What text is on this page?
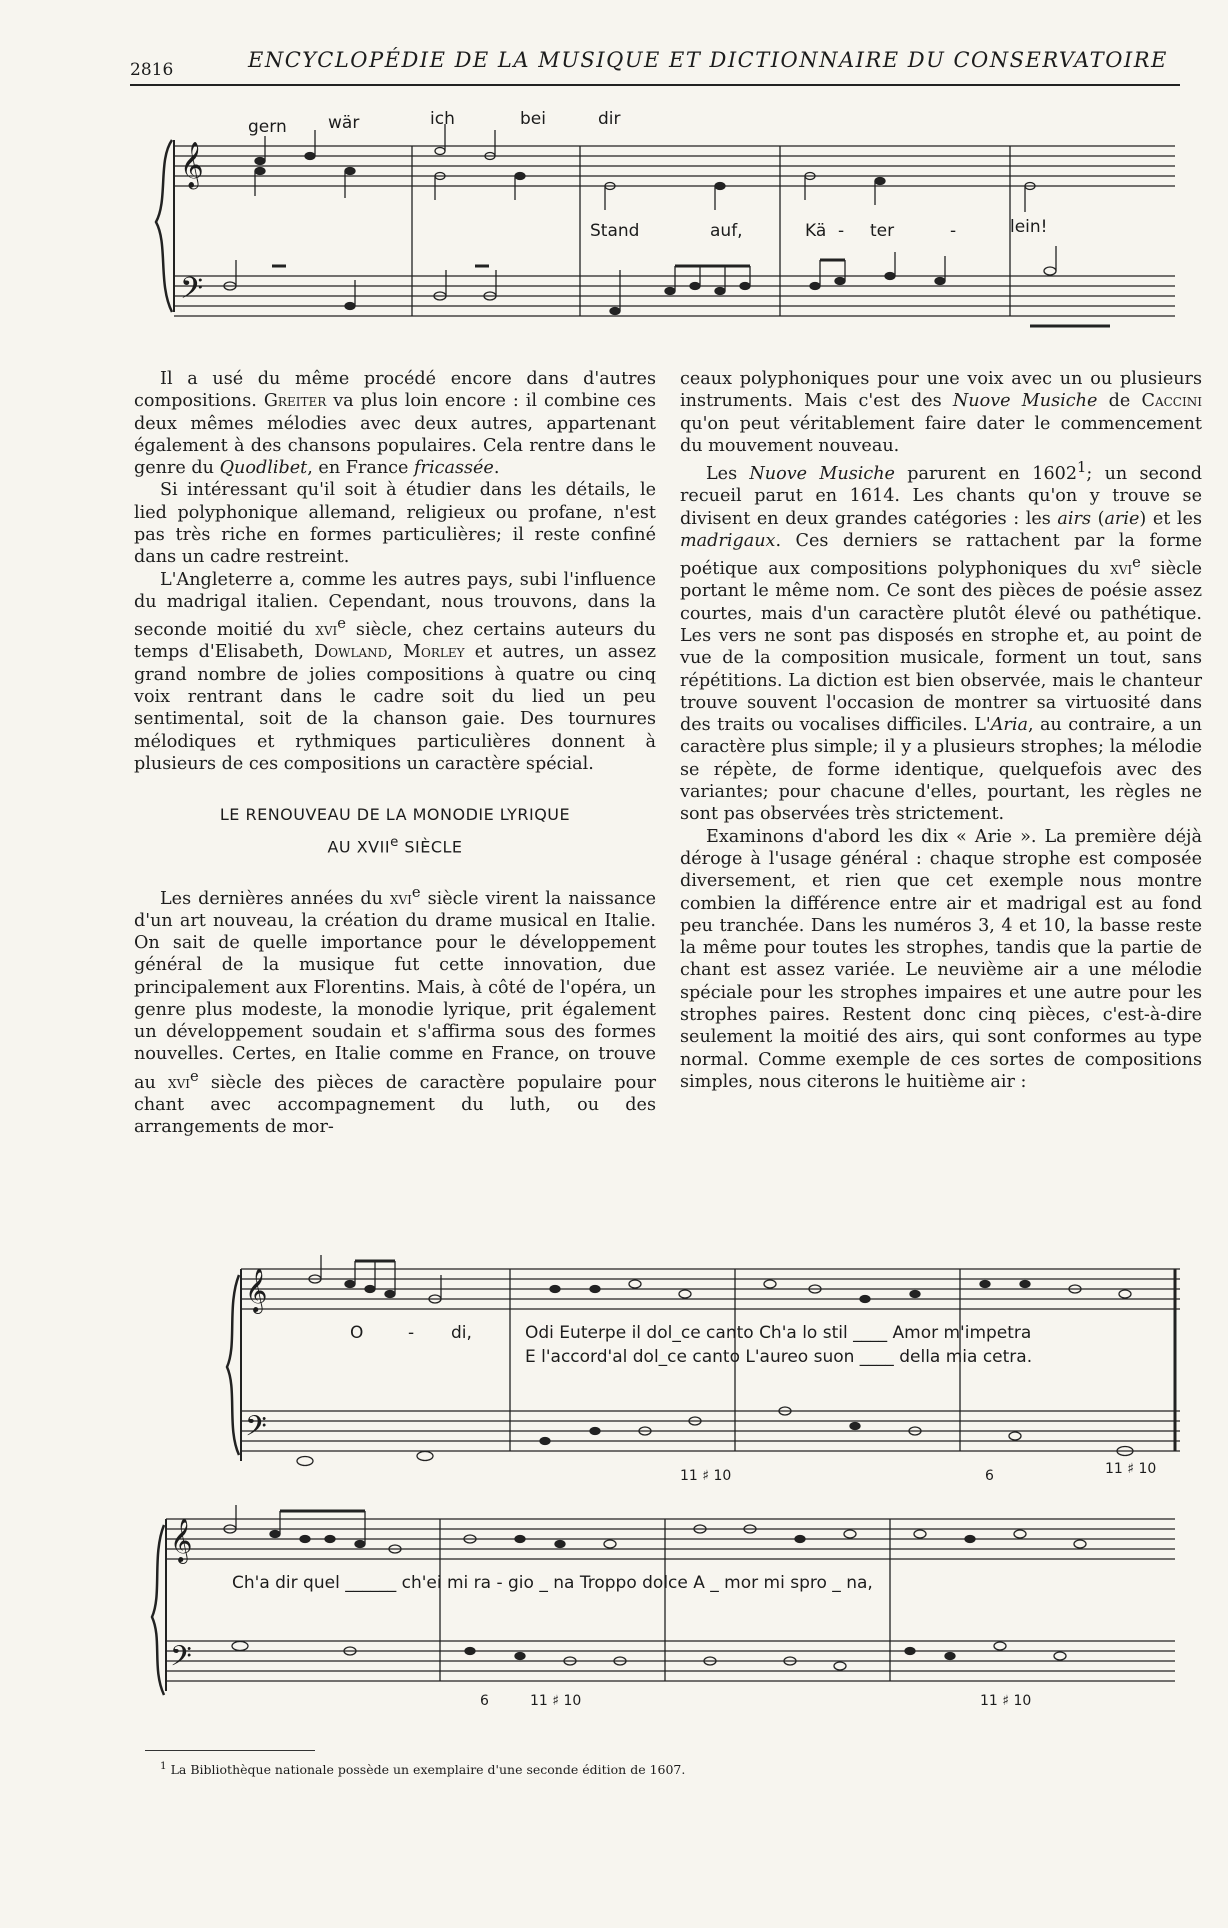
2816	ENCYCLOPÉDIE DE LA MUSIQUE ET DICTIONNAIRE DU CONSERVATOIRE
𝄞
𝄢
gern wär	ich	bei	dir
Stand	auf,	Kä - ter	-	lein!

Il a usé du même procédé encore dans d'autres compositions. Greiter va plus loin encore : il combine ces deux mêmes mélodies avec deux autres, appartenant également à des chansons populaires. Cela rentre dans le genre du Quodlibet, en France fricassée.

Si intéressant qu'il soit à étudier dans les détails, le lied polyphonique allemand, religieux ou profane, n'est pas très riche en formes particulières; il reste confiné dans un cadre restreint.

L'Angleterre a, comme les autres pays, subi l'influence du madrigal italien. Cependant, nous trouvons, dans la seconde moitié du xvi$^e$ siècle, chez certains auteurs du temps d'Elisabeth, Dowland, Morley et autres, un assez grand nombre de jolies compositions à quatre ou cinq voix rentrant dans le cadre soit du lied un peu sentimental, soit de la chanson gaie. Des tournures mélodiques et rythmiques particulières donnent à plusieurs de ces compositions un caractère spécial.

LE RENOUVEAU DE LA MONODIE LYRIQUE
AU XVIIe SIÈCLE

Les dernières années du xvi$^e$ siècle virent la naissance d'un art nouveau, la création du drame musical en Italie. On sait de quelle importance pour le développement général de la musique fut cette innovation, due principalement aux Florentins. Mais, à côté de l'opéra, un genre plus modeste, la monodie lyrique, prit également un développement soudain et s'affirma sous des formes nouvelles. Certes, en Italie comme en France, on trouve au xvi$^e$ siècle des pièces de caractère populaire pour chant avec accompagnement du luth, ou des arrangements de mor-

ceaux polyphoniques pour une voix avec un ou plusieurs instruments. Mais c'est des Nuove Musiche de Caccini qu'on peut véritablement faire dater le commencement du mouvement nouveau.

Les Nuove Musiche parurent en 1602$^1$; un second recueil parut en 1614. Les chants qu'on y trouve se divisent en deux grandes catégories : les airs (arie) et les madrigaux. Ces derniers se rattachent par la forme poétique aux compositions polyphoniques du xvi$^e$ siècle portant le même nom. Ce sont des pièces de poésie assez courtes, mais d'un caractère plutôt élevé ou pathétique. Les vers ne sont pas disposés en strophe et, au point de vue de la composition musicale, forment un tout, sans répétitions. La diction est bien observée, mais le chanteur trouve souvent l'occasion de montrer sa virtuosité dans des traits ou vocalises difficiles. L'Aria, au contraire, a un caractère plus simple; il y a plusieurs strophes; la mélodie se répète, de forme identique, quelquefois avec des variantes; pour chacune d'elles, pourtant, les règles ne sont pas observées très strictement.

Examinons d'abord les dix « Arie ». La première déjà déroge à l'usage général : chaque strophe est composée diversement, et rien que cet exemple nous montre combien la différence entre air et madrigal est au fond peu tranchée. Dans les numéros 3, 4 et 10, la basse reste la même pour toutes les strophes, tandis que la partie de chant est assez variée. Le neuvième air a une mélodie spéciale pour les strophes impaires et une autre pour les strophes paires. Restent donc cinq pièces, c'est-à-dire seulement la moitié des airs, qui sont conformes au type normal. Comme exemple de ces sortes de compositions simples, nous citerons le huitième air :

𝄞
𝄢
O	- di,	Odi Euterpe il dol_ce canto Ch'a lo stil ____ Amor m'impetra
E l'accord'al dol_ce canto L'aureo suon ____ della mia cetra.
11 ♯ 10	6	11 ♯ 10
𝄞
𝄢
Ch'a dir quel ______ ch'ei mi ra - gio _ na Troppo dolce A _ mor mi spro _ na,
6	11 ♯ 10	11 ♯ 10
$^1$ La Bibliothèque nationale possède un exemplaire d'une seconde édition de 1607.
